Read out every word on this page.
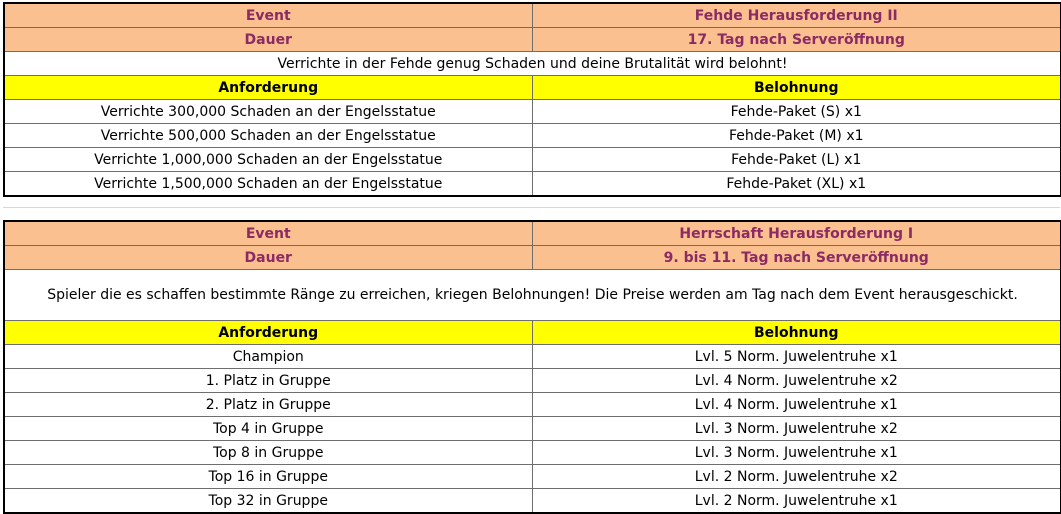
Event	Fehde Herausforderung II
Dauer	17. Tag nach Serveröffnung
Verrichte in der Fehde genug Schaden und deine Brutalität wird belohnt!	
Anforderung	Belohnung
Verrichte 300,000 Schaden an der Engelsstatue	Fehde-Paket (S) x1
Verrichte 500,000 Schaden an der Engelsstatue	Fehde-Paket (M) x1
Verrichte 1,000,000 Schaden an der Engelsstatue	Fehde-Paket (L) x1
Verrichte 1,500,000 Schaden an der Engelsstatue	Fehde-Paket (XL) x1
Event	Herrschaft Herausforderung I
Dauer	9. bis 11. Tag nach Serveröffnung
Spieler die es schaffen bestimmte Ränge zu erreichen, kriegen Belohnungen! Die Preise werden am Tag nach dem Event herausgeschickt.	
Anforderung	Belohnung
Champion	Lvl. 5 Norm. Juwelentruhe x1
1. Platz in Gruppe	Lvl. 4 Norm. Juwelentruhe x2
2. Platz in Gruppe	Lvl. 4 Norm. Juwelentruhe x1
Top 4 in Gruppe	Lvl. 3 Norm. Juwelentruhe x2
Top 8 in Gruppe	Lvl. 3 Norm. Juwelentruhe x1
Top 16 in Gruppe	Lvl. 2 Norm. Juwelentruhe x2
Top 32 in Gruppe	Lvl. 2 Norm. Juwelentruhe x1
